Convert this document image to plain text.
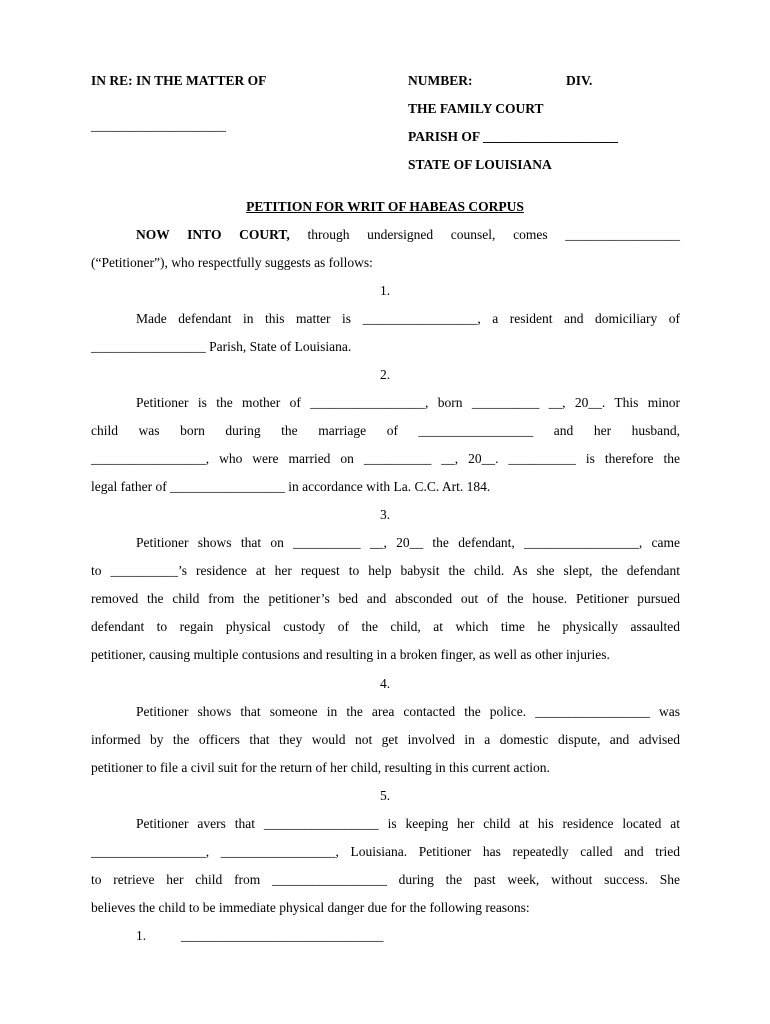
IN RE: IN THE MATTER OF
____________________
NUMBER:	DIV.
THE FAMILY COURT
PARISH OF ____________________
STATE OF LOUISIANA
PETITION FOR WRIT OF HABEAS CORPUS
NOW INTO COURT, through undersigned counsel, comes _________________
(“Petitioner”), who respectfully suggests as follows:
1.
Made defendant in this matter is _________________, a resident and domiciliary of
_________________ Parish, State of Louisiana.
2.
Petitioner is the mother of _________________, born __________ __, 20__. This minor
child was born during the marriage of _________________ and her husband,
_________________, who were married on __________ __, 20__. __________ is therefore the
legal father of _________________ in accordance with La. C.C. Art. 184.
3.
Petitioner shows that on __________ __, 20__ the defendant, _________________, came
to __________’s residence at her request to help babysit the child. As she slept, the defendant
removed the child from the petitioner’s bed and absconded out of the house. Petitioner pursued
defendant to regain physical custody of the child, at which time he physically assaulted
petitioner, causing multiple contusions and resulting in a broken finger, as well as other injuries.
4.
Petitioner shows that someone in the area contacted the police. _________________ was
informed by the officers that they would not get involved in a domestic dispute, and advised
petitioner to file a civil suit for the return of her child, resulting in this current action.
5.
Petitioner avers that _________________ is keeping her child at his residence located at
_________________, _________________, Louisiana. Petitioner has repeatedly called and tried
to retrieve her child from _________________ during the past week, without success. She
believes the child to be immediate physical danger due for the following reasons:
1.	______________________________
